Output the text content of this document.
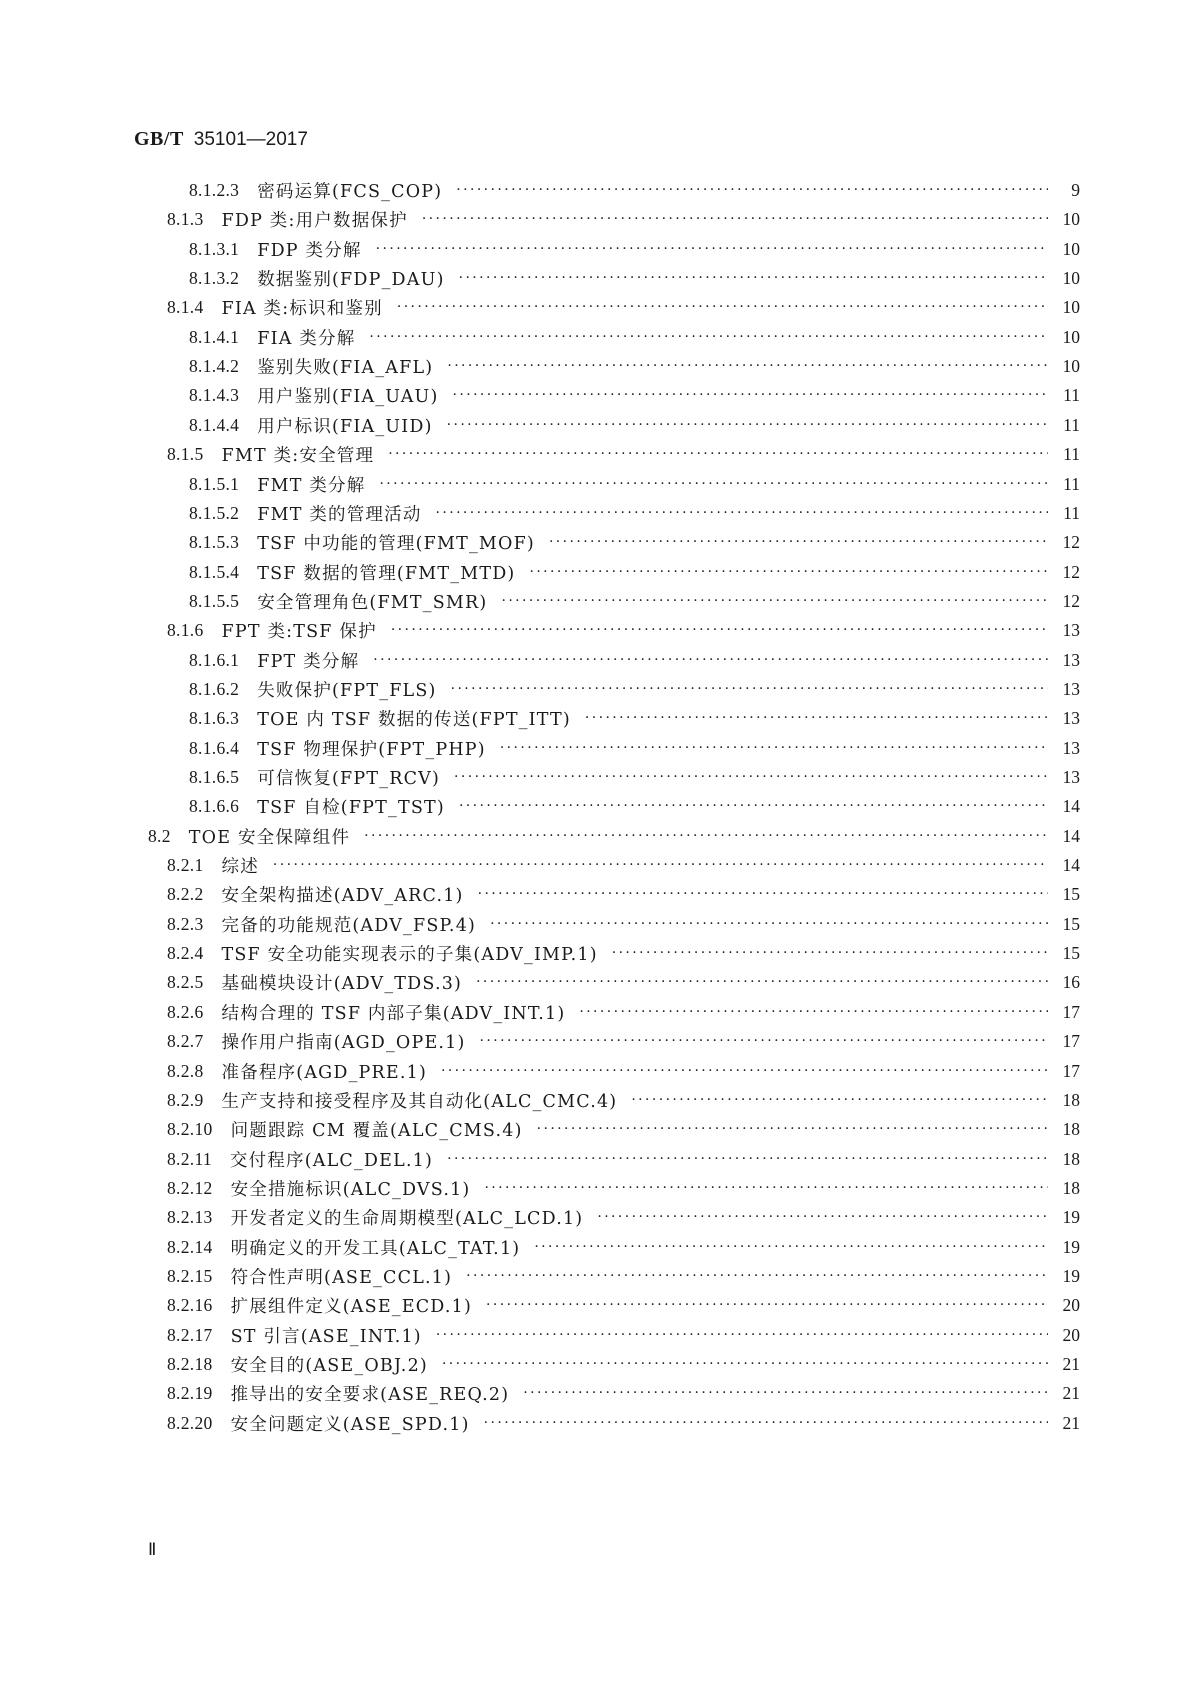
GB/T 35101—2017
8.1.2.3 密码运算(FCS_COP) ·····	9
8.1.3 FDP 类:用户数据保护 ·····	10
8.1.3.1 FDP 类分解 ·····	10
8.1.3.2 数据鉴别(FDP_DAU) ·····	10
8.1.4 FIA 类:标识和鉴别 ·····	10
8.1.4.1 FIA 类分解 ·····	10
8.1.4.2 鉴别失败(FIA_AFL) ·····	10
8.1.4.3 用户鉴别(FIA_UAU) ·····	11
8.1.4.4 用户标识(FIA_UID) ·····	11
8.1.5 FMT 类:安全管理 ·····	11
8.1.5.1 FMT 类分解 ·····	11
8.1.5.2 FMT 类的管理活动 ·····	11
8.1.5.3 TSF 中功能的管理(FMT_MOF) ·····	12
8.1.5.4 TSF 数据的管理(FMT_MTD) ·····	12
8.1.5.5 安全管理角色(FMT_SMR) ·····	12
8.1.6 FPT 类:TSF 保护 ·····	13
8.1.6.1 FPT 类分解 ·····	13
8.1.6.2 失败保护(FPT_FLS) ·····	13
8.1.6.3 TOE 内 TSF 数据的传送(FPT_ITT) ·····	13
8.1.6.4 TSF 物理保护(FPT_PHP) ·····	13
8.1.6.5 可信恢复(FPT_RCV) ·····	13
8.1.6.6 TSF 自检(FPT_TST) ·····	14
8.2 TOE 安全保障组件 ·····	14
8.2.1 综述 ·····	14
8.2.2 安全架构描述(ADV_ARC.1) ·····	15
8.2.3 完备的功能规范(ADV_FSP.4) ·····	15
8.2.4 TSF 安全功能实现表示的子集(ADV_IMP.1) ·····	15
8.2.5 基础模块设计(ADV_TDS.3) ·····	16
8.2.6 结构合理的 TSF 内部子集(ADV_INT.1) ·····	17
8.2.7 操作用户指南(AGD_OPE.1) ·····	17
8.2.8 准备程序(AGD_PRE.1) ·····	17
8.2.9 生产支持和接受程序及其自动化(ALC_CMC.4) ·····	18
8.2.10 问题跟踪 CM 覆盖(ALC_CMS.4) ·····	18
8.2.11 交付程序(ALC_DEL.1) ·····	18
8.2.12 安全措施标识(ALC_DVS.1) ·····	18
8.2.13 开发者定义的生命周期模型(ALC_LCD.1) ·····	19
8.2.14 明确定义的开发工具(ALC_TAT.1) ·····	19
8.2.15 符合性声明(ASE_CCL.1) ·····	19
8.2.16 扩展组件定义(ASE_ECD.1) ·····	20
8.2.17 ST 引言(ASE_INT.1) ·····	20
8.2.18 安全目的(ASE_OBJ.2) ·····	21
8.2.19 推导出的安全要求(ASE_REQ.2) ·····	21
8.2.20 安全问题定义(ASE_SPD.1) ·····	21
Ⅱ
